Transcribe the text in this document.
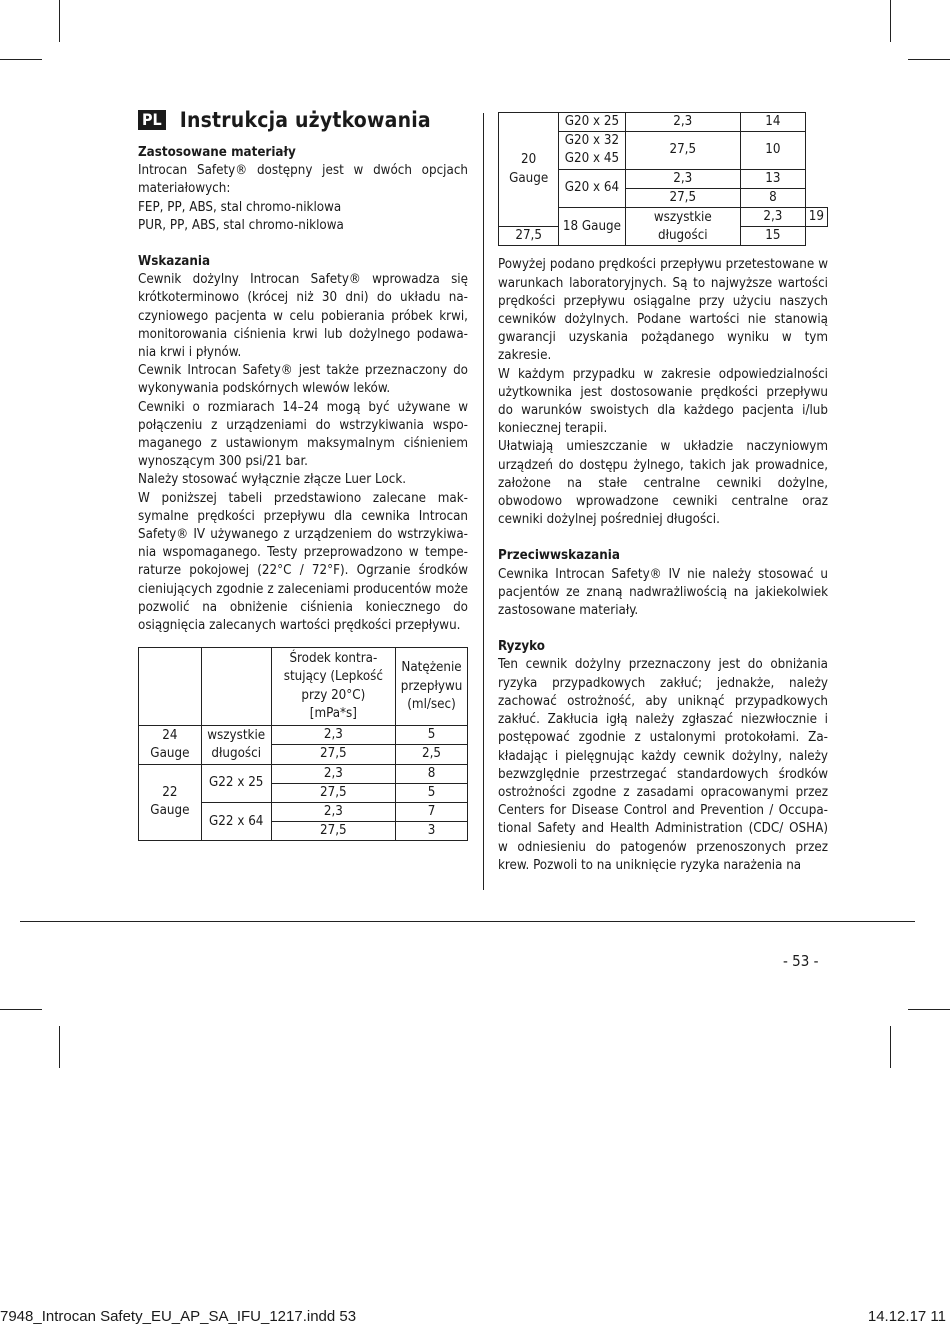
PL Instrukcja użytkowania
Zastosowane materiały

Introcan Safety® dostępny jest w dwóch opcjach materiałowych:

FEP, PP, ABS, stal chromo-niklowa

PUR, PP, ABS, stal chromo-niklowa

Wskazania

Cewnik dożylny Introcan Safety® wprowadza się krótkoterminowo (krócej niż 30 dni) do układu naczyniowego pacjenta w celu pobierania próbek krwi, monitorowania ciśnienia krwi lub dożylnego podawania krwi i płynów.

Cewnik Introcan Safety® jest także przeznaczony do wykonywania podskórnych wlewów leków.

Cewniki o rozmiarach 14–24 mogą być używane w połączeniu z urządzeniami do wstrzykiwania wspomaganego z ustawionym maksymalnym ciśnieniem wynoszącym 300 psi/21 bar.

Należy stosować wyłącznie złącze Luer Lock.

W poniższej tabeli przedstawiono zalecane maksymalne prędkości przepływu dla cewnika Introcan Safety® IV używanego z urządzeniem do wstrzykiwania wspomaganego. Testy przeprowadzono w temperaturze pokojowej (22°C / 72°F). Ogrzanie środków cieniujących zgodnie z zaleceniami producentów może pozwolić na obniżenie ciśnienia koniecznego do osiągnięcia zalecanych wartości prędkości przepływu.

		Środek kontrastujący (Lepkość przy 20°C) [mPa*s]	Natężenie przepływu (ml/sec)
24 Gauge	wszystkie długości	2,3	5
		27,5	2,5
22 Gauge	G22 x 25	2,3	8
		27,5	5
	G22 x 64	2,3	7
		27,5	3
20 Gauge	G20 x 25	2,3	14	
	G20 x 32 G20 x 45	27,5	10	
	G20 x 64	2,3	13	
		27,5	8	
	18 Gauge	wszystkie długości	2,3	19
27,5			15	

Powyżej podano prędkości przepływu przetestowane w warunkach laboratoryjnych. Są to najwyższe wartości prędkości przepływu osiągalne przy użyciu naszych cewników dożylnych. Podane wartości nie stanowią gwarancji uzyskania pożądanego wyniku w tym zakresie.

W każdym przypadku w zakresie odpowiedzialności użytkownika jest dostosowanie prędkości przepływu do warunków swoistych dla każdego pacjenta i/lub koniecznej terapii.

Ułatwiają umieszczanie w układzie naczyniowym urządzeń do dostępu żylnego, takich jak prowadnice, założone na stałe centralne cewniki dożylne, obwodowo wprowadzone cewniki centralne oraz cewniki dożylnej pośredniej długości.

Przeciwwskazania

Cewnika Introcan Safety® IV nie należy stosować u pacjentów ze znaną nadwrażliwością na jakiekolwiek zastosowane materiały.

Ryzyko

Ten cewnik dożylny przeznaczony jest do obniżania ryzyka przypadkowych zakłuć; jednakże, należy zachować ostrożność, aby uniknąć przypadkowych zakłuć. Zakłucia igłą należy zgłaszać niezwłocznie i postępować zgodnie z ustalonymi protokołami. Zakładając i pielęgnując każdy cewnik dożylny, należy bezwzględnie przestrzegać standardowych środków ostrożności zgodne z zasadami opracowanymi przez Centers for Disease Control and Prevention / Occupational Safety and Health Administration (CDC/ OSHA) w odniesieniu do patogenów przenoszonych przez krew. Pozwoli to na uniknięcie ryzyka narażenia na

- 53 -
7948_Introcan Safety_EU_AP_SA_IFU_1217.indd 53	14.12.17 11
